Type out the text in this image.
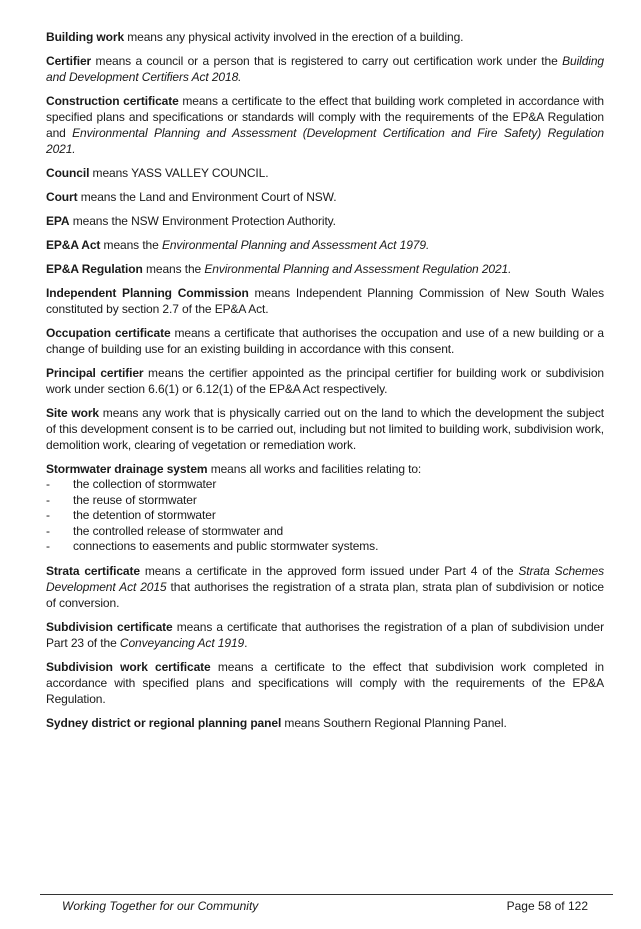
Building work means any physical activity involved in the erection of a building.

Certifier means a council or a person that is registered to carry out certification work under the Building and Development Certifiers Act 2018.

Construction certificate means a certificate to the effect that building work completed in accordance with specified plans and specifications or standards will comply with the requirements of the EP&A Regulation and Environmental Planning and Assessment (Development Certification and Fire Safety) Regulation 2021.

Council means YASS VALLEY COUNCIL.

Court means the Land and Environment Court of NSW.

EPA means the NSW Environment Protection Authority.

EP&A Act means the Environmental Planning and Assessment Act 1979.

EP&A Regulation means the Environmental Planning and Assessment Regulation 2021.

Independent Planning Commission means Independent Planning Commission of New South Wales constituted by section 2.7 of the EP&A Act.

Occupation certificate means a certificate that authorises the occupation and use of a new building or a change of building use for an existing building in accordance with this consent.

Principal certifier means the certifier appointed as the principal certifier for building work or subdivision work under section 6.6(1) or 6.12(1) of the EP&A Act respectively.

Site work means any work that is physically carried out on the land to which the development the subject of this development consent is to be carried out, including but not limited to building work, subdivision work, demolition work, clearing of vegetation or remediation work.

Stormwater drainage system means all works and facilities relating to:

- the collection of stormwater
- the reuse of stormwater
- the detention of stormwater
- the controlled release of stormwater and
- connections to easements and public stormwater systems.

Strata certificate means a certificate in the approved form issued under Part 4 of the Strata Schemes Development Act 2015 that authorises the registration of a strata plan, strata plan of subdivision or notice of conversion.

Subdivision certificate means a certificate that authorises the registration of a plan of subdivision under Part 23 of the Conveyancing Act 1919.

Subdivision work certificate means a certificate to the effect that subdivision work completed in accordance with specified plans and specifications will comply with the requirements of the EP&A Regulation.

Sydney district or regional planning panel means Southern Regional Planning Panel.

Working Together for our Community	Page 58 of 122
